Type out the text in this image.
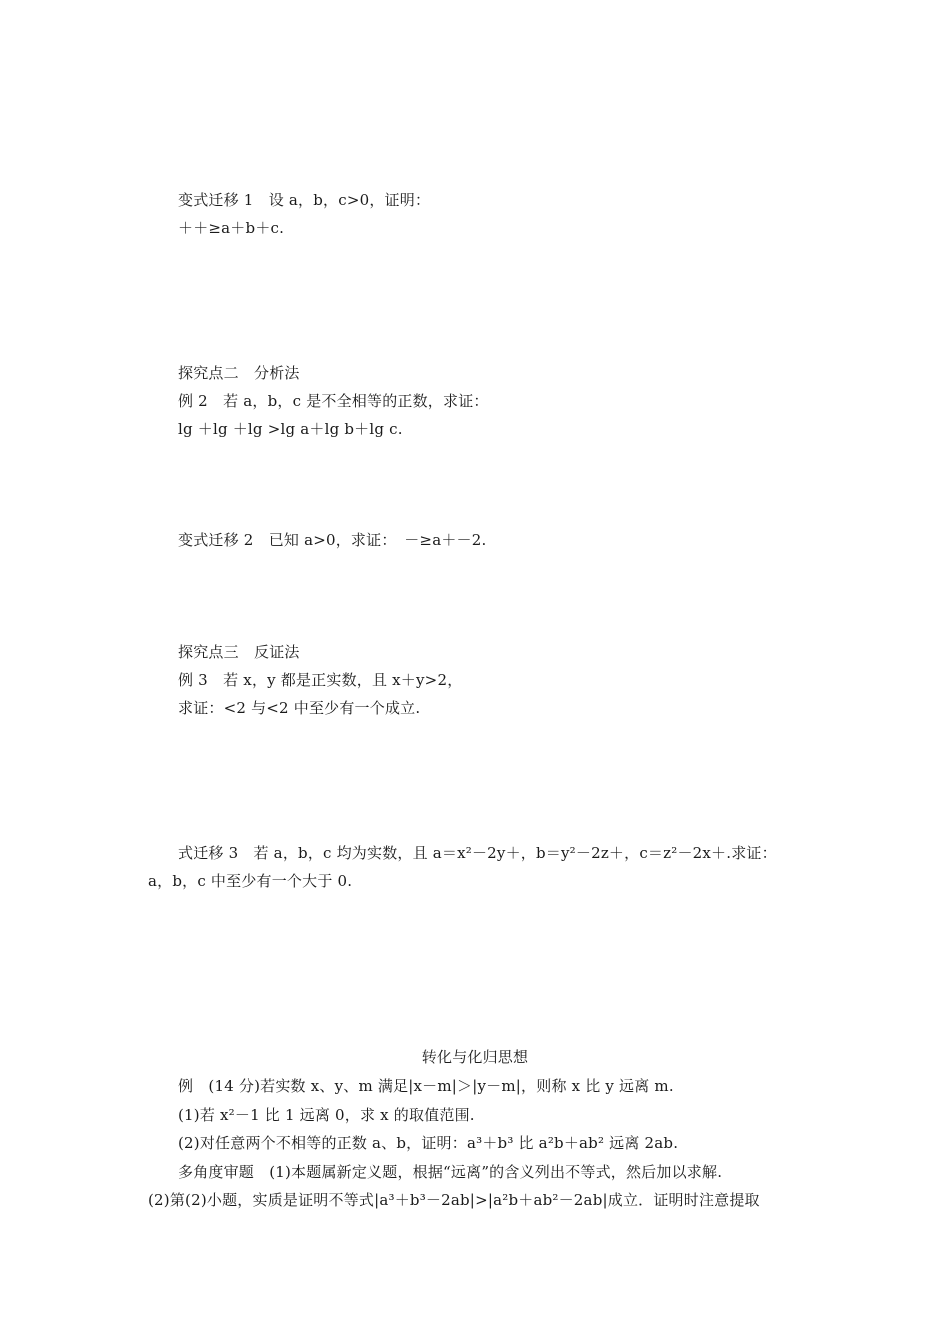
变式迁移 1　设 a，b，c>0，证明：
＋＋≥a＋b＋c.
探究点二　分析法
例 2　若 a，b，c 是不全相等的正数，求证：
lg ＋lg ＋lg >lg a＋lg b＋lg c.
变式迁移 2　已知 a>0，求证：　－≥a＋－2.
探究点三　反证法
例 3　若 x，y 都是正实数，且 x＋y>2，
求证：<2 与<2 中至少有一个成立.
式迁移 3　若 a，b，c 均为实数，且 a＝x²－2y＋，b＝y²－2z＋，c＝z²－2x＋.求证：
a，b，c 中至少有一个大于 0.
转化与化归思想
例　(14 分)若实数 x、y、m 满足|x－m|＞|y－m|，则称 x 比 y 远离 m.
(1)若 x²－1 比 1 远离 0，求 x 的取值范围.
(2)对任意两个不相等的正数 a、b，证明：a³＋b³ 比 a²b＋ab² 远离 2ab.
多角度审题　(1)本题属新定义题，根据“远离”的含义列出不等式，然后加以求解.
(2)第(2)小题，实质是证明不等式|a³＋b³－2ab|>|a²b＋ab²－2ab|成立．证明时注意提取
